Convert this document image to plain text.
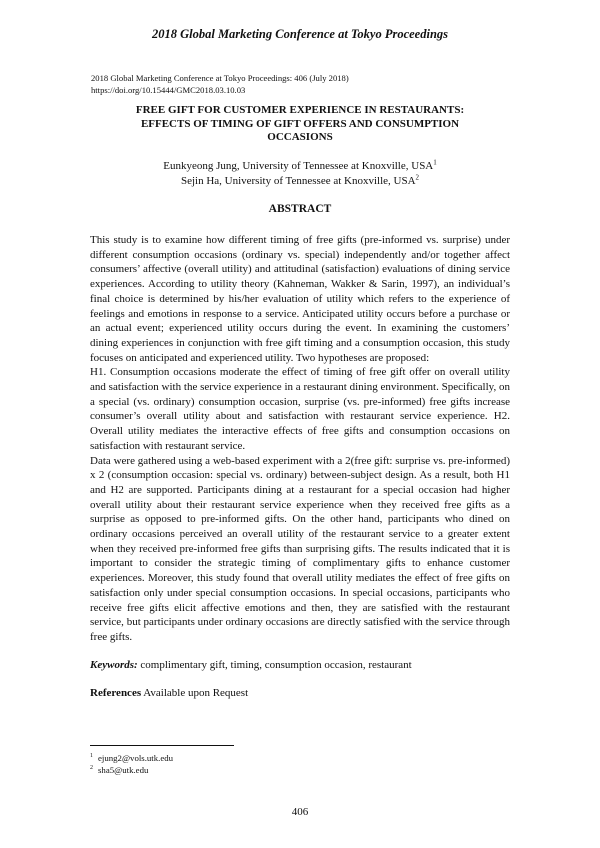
2018 Global Marketing Conference at Tokyo Proceedings
2018 Global Marketing Conference at Tokyo Proceedings: 406 (July 2018)
https://doi.org/10.15444/GMC2018.03.10.03
FREE GIFT FOR CUSTOMER EXPERIENCE IN RESTAURANTS:
EFFECTS OF TIMING OF GIFT OFFERS AND CONSUMPTION
OCCASIONS
Eunkyeong Jung, University of Tennessee at Knoxville, USA$^1$
Sejin Ha, University of Tennessee at Knoxville, USA$^2$
ABSTRACT

This study is to examine how different timing of free gifts (pre-informed vs. surprise) under different consumption occasions (ordinary vs. special) independently and/or together affect consumers’ affective (overall utility) and attitudinal (satisfaction) evaluations of dining service experiences. According to utility theory (Kahneman, Wakker & Sarin, 1997), an individual’s final choice is determined by his/her evaluation of utility which refers to the experience of feelings and emotions in response to a service. Anticipated utility occurs before a purchase or an actual event; experienced utility occurs during the event. In examining the customers’ dining experiences in conjunction with free gift timing and a consumption occasion, this study focuses on anticipated and experienced utility. Two hypotheses are proposed:

H1. Consumption occasions moderate the effect of timing of free gift offer on overall utility and satisfaction with the service experience in a restaurant dining environment. Specifically, on a special (vs. ordinary) consumption occasion, surprise (vs. pre-informed) free gifts increase consumer’s overall utility about and satisfaction with restaurant service experience. H2. Overall utility mediates the interactive effects of free gifts and consumption occasions on satisfaction with restaurant service.

Data were gathered using a web-based experiment with a 2(free gift: surprise vs. pre-informed) x 2 (consumption occasion: special vs. ordinary) between-subject design. As a result, both H1 and H2 are supported. Participants dining at a restaurant for a special occasion had higher overall utility about their restaurant service experience when they received free gifts as a surprise as opposed to pre-informed gifts. On the other hand, participants who dined on ordinary occasions perceived an overall utility of the restaurant service to a greater extent when they received pre-informed free gifts than surprising gifts. The results indicated that it is important to consider the strategic timing of complimentary gifts to enhance customer experiences. Moreover, this study found that overall utility mediates the effect of free gifts on satisfaction only under special consumption occasions. In special occasions, participants who receive free gifts elicit affective emotions and then, they are satisfied with the restaurant service, but participants under ordinary occasions are directly satisfied with the service through free gifts.

Keywords: complimentary gift, timing, consumption occasion, restaurant
References Available upon Request
$^1$ ejung2@vols.utk.edu
$^2$ sha5@utk.edu
406
